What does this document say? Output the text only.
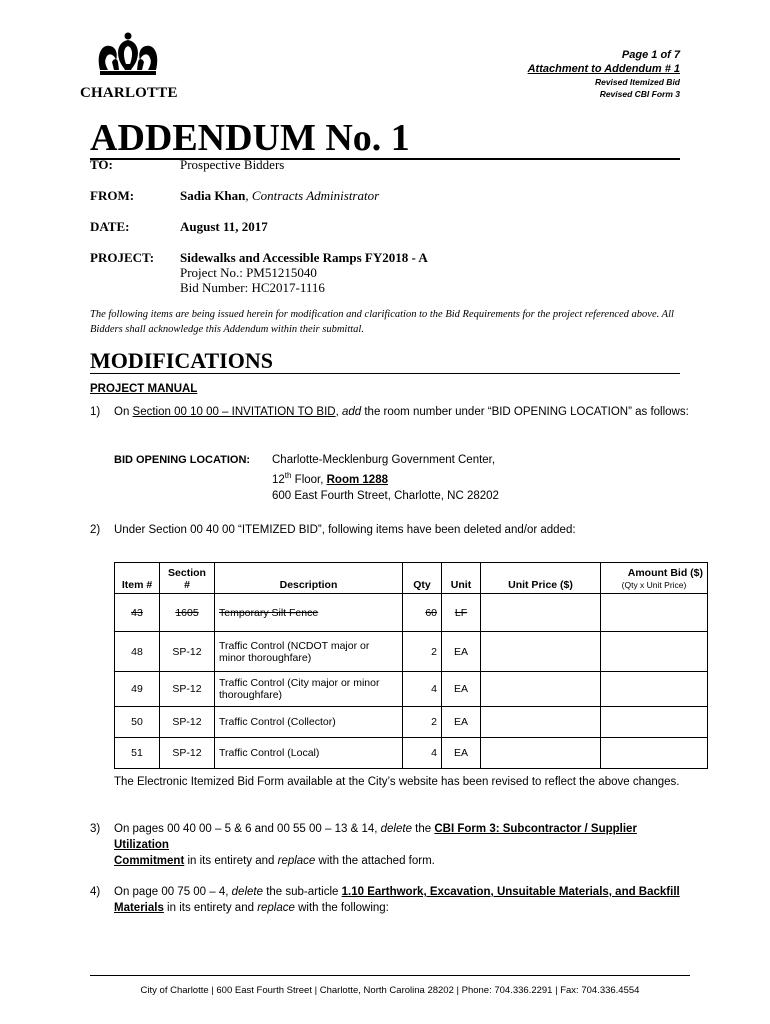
CHARLOTTE
Page 1 of 7
Attachment to Addendum # 1
Revised Itemized Bid
Revised CBI Form 3
ADDENDUM No. 1
TO:	Prospective Bidders
FROM:	Sadia Khan, Contracts Administrator
DATE:	August 11, 2017
PROJECT: Sidewalks and Accessible Ramps FY2018 - A
Project No.: PM51215040
Bid Number: HC2017-1116
The following items are being issued herein for modification and clarification to the Bid Requirements for the project referenced above. All Bidders shall acknowledge this Addendum within their submittal.
MODIFICATIONS
PROJECT MANUAL
1) On Section 00 10 00 – INVITATION TO BID, add the room number under “BID OPENING LOCATION” as follows:
BID OPENING LOCATION: Charlotte-Mecklenburg Government Center,
12th Floor, Room 1288
600 East Fourth Street, Charlotte, NC 28202
2) Under Section 00 40 00 “ITEMIZED BID”, following items have been deleted and/or added:
Item #	Section #	Description	Qty	Unit	Unit Price ($)	Amount Bid ($)
(Qty x Unit Price)

43	1605	Temporary Silt Fence	60	LF		
48	SP-12	Traffic Control (NCDOT major or minor thoroughfare)	2	EA		
49	SP-12	Traffic Control (City major or minor thoroughfare)	4	EA		
50	SP-12	Traffic Control (Collector)	2	EA		
51	SP-12	Traffic Control (Local)	4	EA		
The Electronic Itemized Bid Form available at the City’s website has been revised to reflect the above changes.
3) On pages 00 40 00 – 5 & 6 and 00 55 00 – 13 & 14, delete the CBI Form 3: Subcontractor / Supplier Utilization
Commitment in its entirety and replace with the attached form.
4) On page 00 75 00 – 4, delete the sub-article 1.10 Earthwork, Excavation, Unsuitable Materials, and Backfill
Materials in its entirety and replace with the following:
City of Charlotte | 600 East Fourth Street | Charlotte, North Carolina 28202 | Phone: 704.336.2291 | Fax: 704.336.4554
